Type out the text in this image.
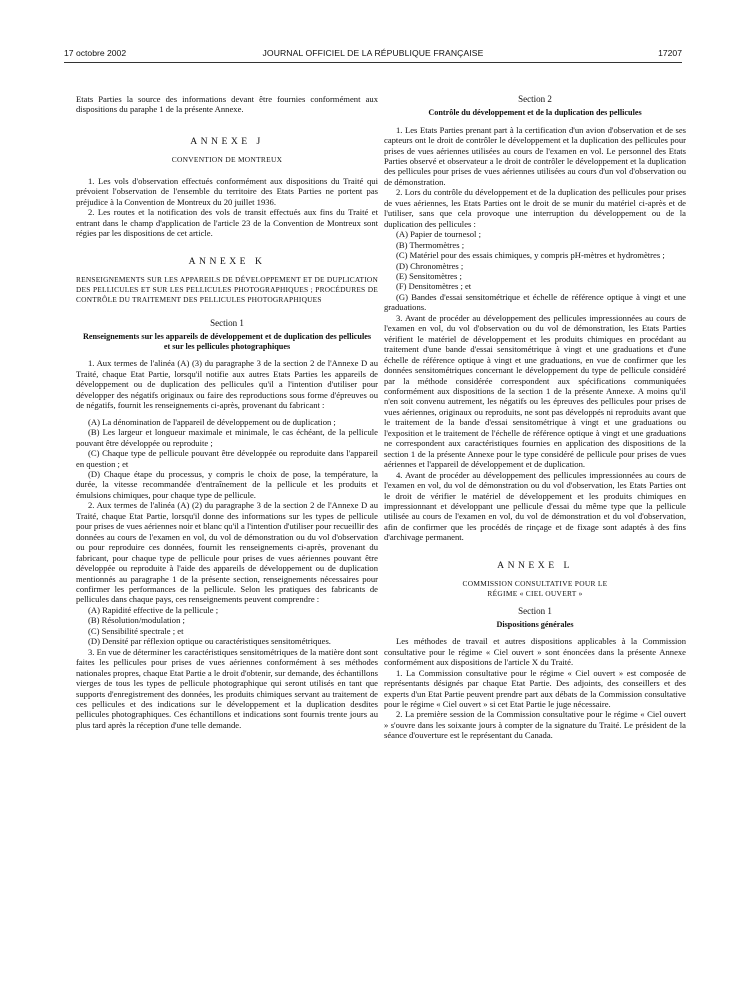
17 octobre 2002	JOURNAL OFFICIEL DE LA RÉPUBLIQUE FRANÇAISE	17207

Etats Parties la source des informations devant être fournies conformément aux dispositions du paraphe 1 de la présente Annexe.

ANNEXE J
CONVENTION DE MONTREUX

1. Les vols d'observation effectués conformément aux dispositions du Traité qui prévoient l'observation de l'ensemble du territoire des Etats Parties ne portent pas préjudice à la Convention de Montreux du 20 juillet 1936.

2. Les routes et la notification des vols de transit effectués aux fins du Traité et entrant dans le champ d'application de l'article 23 de la Convention de Montreux sont régies par les dispositions de cet article.

ANNEXE K
RENSEIGNEMENTS SUR LES APPAREILS DE DÉVELOPPEMENT ET DE DUPLICATION DES PELLICULES ET SUR LES PELLICULES PHOTOGRAPHIQUES ; PROCÉDURES DE CONTRÔLE DU TRAITEMENT DES PELLICULES PHOTOGRAPHIQUES
Section 1
Renseignements sur les appareils de développement et de duplication des pellicules et sur les pellicules photographiques

1. Aux termes de l'alinéa (A) (3) du paragraphe 3 de la section 2 de l'Annexe D au Traité, chaque Etat Partie, lorsqu'il notifie aux autres Etats Parties les appareils de développement ou de duplication des pellicules qu'il a l'intention d'utiliser pour développer des négatifs originaux ou faire des reproductions sous forme d'épreuves ou de négatifs, fournit les renseignements ci-après, provenant du fabricant :

(A) La dénomination de l'appareil de développement ou de duplication ;

(B) Les largeur et longueur maximale et minimale, le cas échéant, de la pellicule pouvant être développée ou reproduite ;

(C) Chaque type de pellicule pouvant être développée ou reproduite dans l'appareil en question ; et

(D) Chaque étape du processus, y compris le choix de pose, la température, la durée, la vitesse recommandée d'entraînement de la pellicule et les produits et émulsions chimiques, pour chaque type de pellicule.

2. Aux termes de l'alinéa (A) (2) du paragraphe 3 de la section 2 de l'Annexe D au Traité, chaque Etat Partie, lorsqu'il donne des informations sur les types de pellicule pour prises de vues aériennes noir et blanc qu'il a l'intention d'utiliser pour recueillir des données au cours de l'examen en vol, du vol de démonstration ou du vol d'observation ou pour reproduire ces données, fournit les renseignements ci-après, provenant du fabricant, pour chaque type de pellicule pour prises de vues aériennes pouvant être développée ou reproduite à l'aide des appareils de développement ou de duplication mentionnés au paragraphe 1 de la présente section, renseignements nécessaires pour confirmer les performances de la pellicule. Selon les pratiques des fabricants de pellicules dans chaque pays, ces renseignements peuvent comprendre :

(A) Rapidité effective de la pellicule ;

(B) Résolution/modulation ;

(C) Sensibilité spectrale ; et

(D) Densité par réflexion optique ou caractéristiques sensitométriques.

3. En vue de déterminer les caractéristiques sensitométriques de la matière dont sont faites les pellicules pour prises de vues aériennes conformément à ses méthodes nationales propres, chaque Etat Partie a le droit d'obtenir, sur demande, des échantillons vierges de tous les types de pellicule photographique qui seront utilisés en tant que supports d'enregistrement des données, les produits chimiques servant au traitement de ces pellicules et des indications sur le développement et la duplication desdites pellicules photographiques. Ces échantillons et indications sont fournis trente jours au plus tard après la réception d'une telle demande.

Section 2
Contrôle du développement et de la duplication des pellicules

1. Les Etats Parties prenant part à la certification d'un avion d'observation et de ses capteurs ont le droit de contrôler le développement et la duplication des pellicules pour prises de vues aériennes utilisées au cours de l'examen en vol. Le personnel des Etats Parties observé et observateur a le droit de contrôler le développement et la duplication des pellicules pour prises de vues aériennes utilisées au cours d'un vol d'observation ou de démonstration.

2. Lors du contrôle du développement et de la duplication des pellicules pour prises de vues aériennes, les Etats Parties ont le droit de se munir du matériel ci-après et de l'utiliser, sans que cela provoque une interruption du développement ou de la duplication des pellicules :

(A) Papier de tournesol ;

(B) Thermomètres ;

(C) Matériel pour des essais chimiques, y compris pH-mètres et hydromètres ;

(D) Chronomètres ;

(E) Sensitomètres ;

(F) Densitomètres ; et

(G) Bandes d'essai sensitométrique et échelle de référence optique à vingt et une graduations.

3. Avant de procéder au développement des pellicules impressionnées au cours de l'examen en vol, du vol d'observation ou du vol de démonstration, les Etats Parties vérifient le matériel de développement et les produits chimiques en procédant au traitement d'une bande d'essai sensitométrique à vingt et une graduations et d'une échelle de référence optique à vingt et une graduations, en vue de confirmer que les données sensitométriques concernant le développement du type de pellicule considéré par la méthode considérée correspondent aux spécifications communiquées conformément aux dispositions de la section 1 de la présente Annexe. A moins qu'il n'en soit convenu autrement, les négatifs ou les épreuves des pellicules pour prises de vues aériennes, originaux ou reproduits, ne sont pas développés ni reproduits avant que le traitement de la bande d'essai sensitométrique à vingt et une graduations ou l'exposition et le traitement de l'échelle de référence optique à vingt et une graduations ne correspondent aux caractéristiques fournies en application des dispositions de la section 1 de la présente Annexe pour le type considéré de pellicule pour prises de vues aériennes et l'appareil de développement et de duplication.

4. Avant de procéder au développement des pellicules impressionnées au cours de l'examen en vol, du vol de démonstration ou du vol d'observation, les Etats Parties ont le droit de vérifier le matériel de développement et les produits chimiques en impressionnant et développant une pellicule d'essai du même type que la pellicule utilisée au cours de l'examen en vol, du vol de démonstration et du vol d'observation, afin de confirmer que les procédés de rinçage et de fixage sont adaptés à des fins d'archivage permanent.

ANNEXE L
COMMISSION CONSULTATIVE POUR LE RÉGIME « CIEL OUVERT »
Section 1
Dispositions générales

Les méthodes de travail et autres dispositions applicables à la Commission consultative pour le régime « Ciel ouvert » sont énoncées dans la présente Annexe conformément aux dispositions de l'article X du Traité.

1. La Commission consultative pour le régime « Ciel ouvert » est composée de représentants désignés par chaque Etat Partie. Des adjoints, des conseillers et des experts d'un Etat Partie peuvent prendre part aux débats de la Commission consultative pour le régime « Ciel ouvert » si cet Etat Partie le juge nécessaire.

2. La première session de la Commission consultative pour le régime « Ciel ouvert » s'ouvre dans les soixante jours à compter de la signature du Traité. Le président de la séance d'ouverture est le représentant du Canada.
